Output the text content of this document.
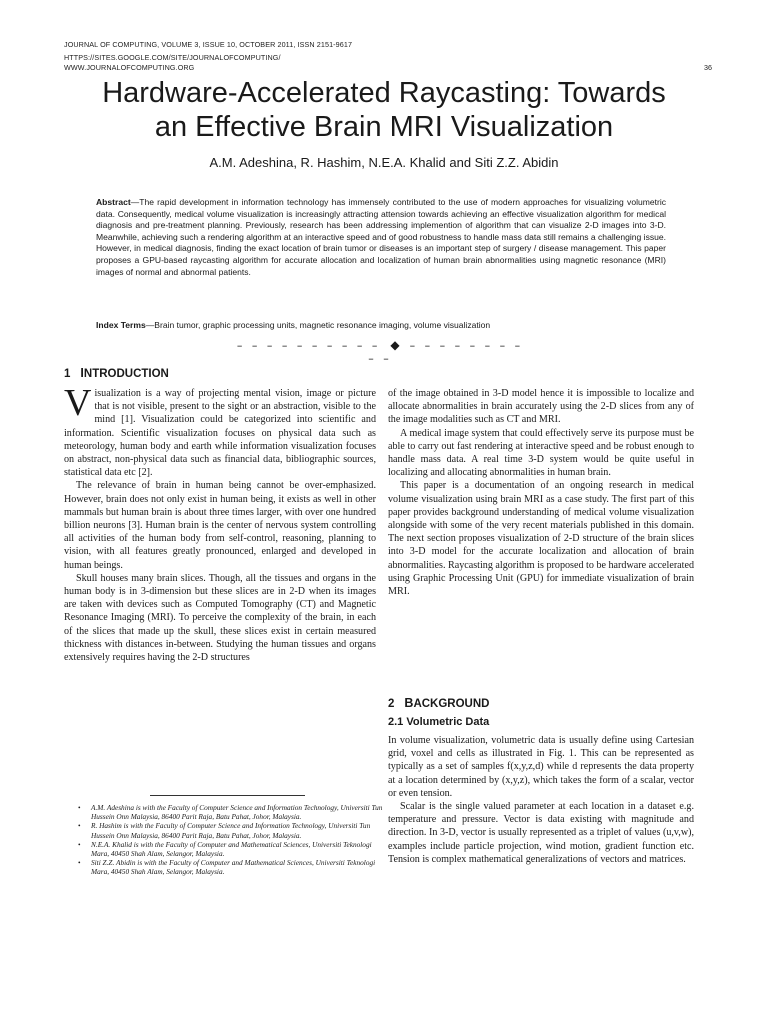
JOURNAL OF COMPUTING, VOLUME 3, ISSUE 10, OCTOBER 2011, ISSN 2151-9617
HTTPS://SITES.GOOGLE.COM/SITE/JOURNALOFCOMPUTING/
WWW.JOURNALOFCOMPUTING.ORG	36
Hardware-Accelerated Raycasting: Towards
an Effective Brain MRI Visualization
A.M. Adeshina, R. Hashim, N.E.A. Khalid and Siti Z.Z. Abidin

Abstract—The rapid development in information technology has immensely contributed to the use of modern approaches for visualizing volumetric data. Consequently, medical volume visualization is increasingly attracting attension towards achieving an effective visualization algorithm for medical diagnosis and pre-treatment planning. Previously, research has been addressing implemention of algorithm that can visualize 2-D images into 3-D. Meanwhile, achieving such a rendering algorithm at an interactive speed and of good robustness to handle mass data still remains a challenging issue. However, in medical diagnosis, finding the exact location of brain tumor or diseases is an important step of surgery / disease management. This paper proposes a GPU-based raycasting algorithm for accurate allocation and localization of human brain abnormalities using magnetic resonance (MRI) images of normal and abnormal patients.

Index Terms—Brain tumor, graphic processing units, magnetic resonance imaging, volume visualization

– – – – – – – – – – ◆ – – – – – – – – – –
1 INTRODUCTION

Visualization is a way of projecting mental vision, image or picture that is not visible, present to the sight or an abstraction, visible to the mind [1]. Visualization could be categorized into scientific and information. Scientific visualization focuses on physical data such as meteorology, human body and earth while information visualization focuses on abstract, non-physical data such as financial data, bibliographic sources, statistical data etc [2].

The relevance of brain in human being cannot be over-emphasized. However, brain does not only exist in human being, it exists as well in other mammals but human brain is about three times larger, with over one hundred billion neurons [3]. Human brain is the center of nervous system controlling all activities of the human body from self-control, reasoning, planning to vision, with all features greatly pronounced, enlarged and developed in human beings.

Skull houses many brain slices. Though, all the tissues and organs in the human body is in 3-dimension but these slices are in 2-D when its images are taken with devices such as Computed Tomography (CT) and Magnetic Resonance Imaging (MRI). To perceive the complexity of the brain, in each of the slices that made up the skull, these slices exist in certain measured thickness with distances in-between. Studying the human tissues and organs extensively requires having the 2-D structures

• A.M. Adeshina is with the Faculty of Computer Science and Information Technology, Universiti Tun Hussein Onn Malaysia, 86400 Parit Raja, Batu Pahat, Johor, Malaysia.
• R. Hashim is with the Faculty of Computer Science and Information Technology, Universiti Tun Hussein Onn Malaysia, 86400 Parit Raja, Batu Pahat, Johor, Malaysia.
• N.E.A. Khalid is with the Faculty of Computer and Mathematical Sciences, Universiti Teknologi Mara, 40450 Shah Alam, Selangor, Malaysia.
• Siti Z.Z. Abidin is with the Faculty of Computer and Mathematical Sciences, Universiti Teknologi Mara, 40450 Shah Alam, Selangor, Malaysia.

of the image obtained in 3-D model hence it is impossible to localize and allocate abnormalities in brain accurately using the 2-D slices from any of the image modalities such as CT and MRI.

A medical image system that could effectively serve its purpose must be able to carry out fast rendering at interactive speed and be robust enough to handle mass data. A real time 3-D system would be quite useful in localizing and allocating abnormalities in human brain.

This paper is a documentation of an ongoing research in medical volume visualization using brain MRI as a case study. The first part of this paper provides background understanding of medical volume visualization alongside with some of the very recent materials published in this domain. The next section proposes visualization of 2-D structure of the brain slices into 3-D model for the accurate localization and allocation of brain abnormalities. Raycasting algorithm is proposed to be hardware accelerated using Graphic Processing Unit (GPU) for immediate visualization of brain MRI.

2 BACKGROUND
2.1 Volumetric Data

In volume visualization, volumetric data is usually define using Cartesian grid, voxel and cells as illustrated in Fig. 1. This can be represented as typically as a set of samples f(x,y,z,d) while d represents the data property at a location determined by (x,y,z), which takes the form of a scalar, vector or even tension.

Scalar is the single valued parameter at each location in a dataset e.g. temperature and pressure. Vector is data existing with magnitude and direction. In 3-D, vector is usually represented as a triplet of values (u,v,w), examples include particle projection, wind motion, gradient function etc. Tension is complex mathematical generalizations of vectors and matrices.
